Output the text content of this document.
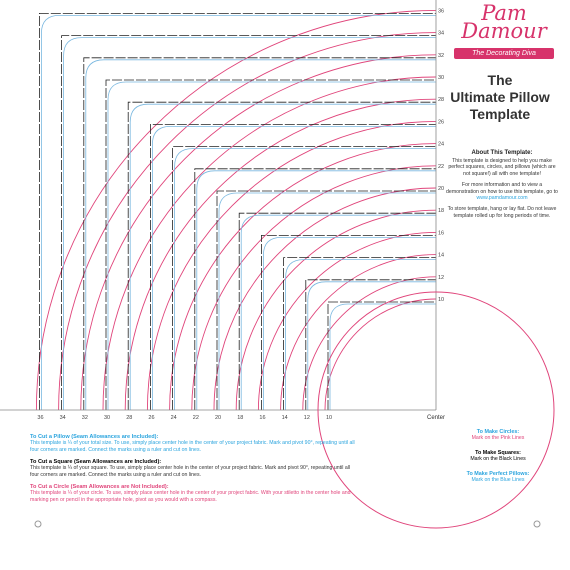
36
36
34
34
32
32
30
30
28
28
26
26
24
24
22
22
20
20
18
18
16
16
14
14
12
12
10
10
Center
Pam Damour
The Decorating Diva
The
Ultimate Pillow
Template
About This Template:

This template is designed to help you make perfect squares, circles, and pillows (which are not square!) all with one template!

For more information and to view a demonstration on how to use this template, go to www.pamdamour.com

To store template, hang or lay flat. Do not leave template rolled up for long periods of time.

To Cut a Pillow (Seam Allowances are Included):
This template is ¼ of your total size. To use, simply place center hole in the center of your project fabric. Mark and pivot 90°, repeating until all four corners are marked. Connect the marks using a ruler and cut on lines.
To Cut a Square (Seam Allowances are Included):
This template is ¼ of your square. To use, simply place center hole in the center of your project fabric. Mark and pivot 90°, repeating until all four corners are marked. Connect the marks using a ruler and cut on lines.
To Cut a Circle (Seam Allowances are Not Included):
This template is ¼ of your circle. To use, simply place center hole in the center of your project fabric. With your stiletto in the center hole and marking pen or pencil in the appropriate hole, pivot as you would with a compass.
To Make Circles:
Mark on the Pink Lines
To Make Squares:
Mark on the Black Lines
To Make Perfect Pillows:
Mark on the Blue Lines
